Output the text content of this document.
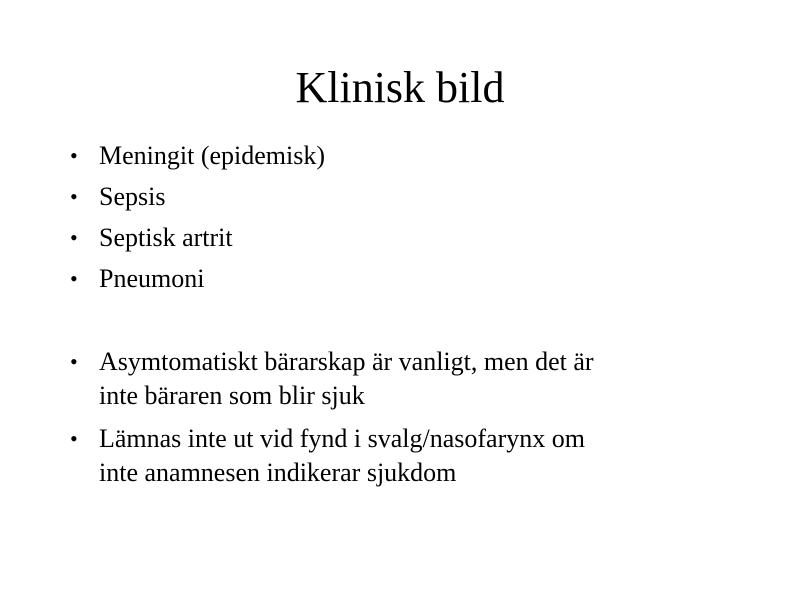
Klinisk bild
• Meningit (epidemisk)
• Sepsis
• Septisk artrit
• Pneumoni
• Asymtomatiskt bärarskap är vanligt, men det är
inte bäraren som blir sjuk
• Lämnas inte ut vid fynd i svalg/nasofarynx om
inte anamnesen indikerar sjukdom
